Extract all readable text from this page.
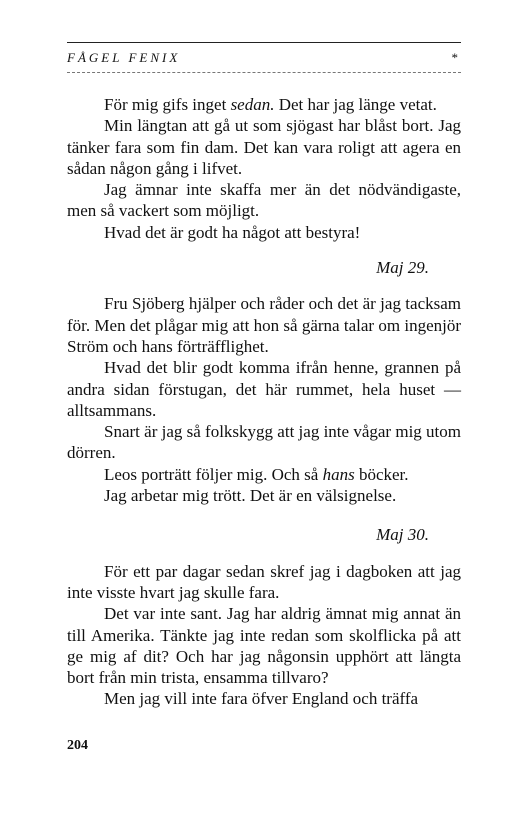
FÅGEL FENIX	*

För mig gifs inget sedan. Det har jag länge vetat.

Min längtan att gå ut som sjögast har blåst bort. Jag tänker fara som fin dam. Det kan vara roligt att agera en sådan någon gång i lifvet.

Jag ämnar inte skaffa mer än det nödvändigaste, men så vackert som möjligt.

Hvad det är godt ha något att bestyra!

Maj 29.

Fru Sjöberg hjälper och råder och det är jag tacksam för. Men det plågar mig att hon så gärna talar om ingenjör Ström och hans förträfflighet.

Hvad det blir godt komma ifrån henne, grannen på andra sidan förstugan, det här rummet, hela huset — alltsammans.

Snart är jag så folkskygg att jag inte vågar mig utom dörren.

Leos porträtt följer mig. Och så hans böcker.

Jag arbetar mig trött. Det är en välsignelse.

Maj 30.

För ett par dagar sedan skref jag i dagboken att jag inte visste hvart jag skulle fara.

Det var inte sant. Jag har aldrig ämnat mig annat än till Amerika. Tänkte jag inte redan som skolflicka på att ge mig af dit? Och har jag någonsin upphört att längta bort från min trista, ensamma tillvaro?

Men jag vill inte fara öfver England och träffa

204
